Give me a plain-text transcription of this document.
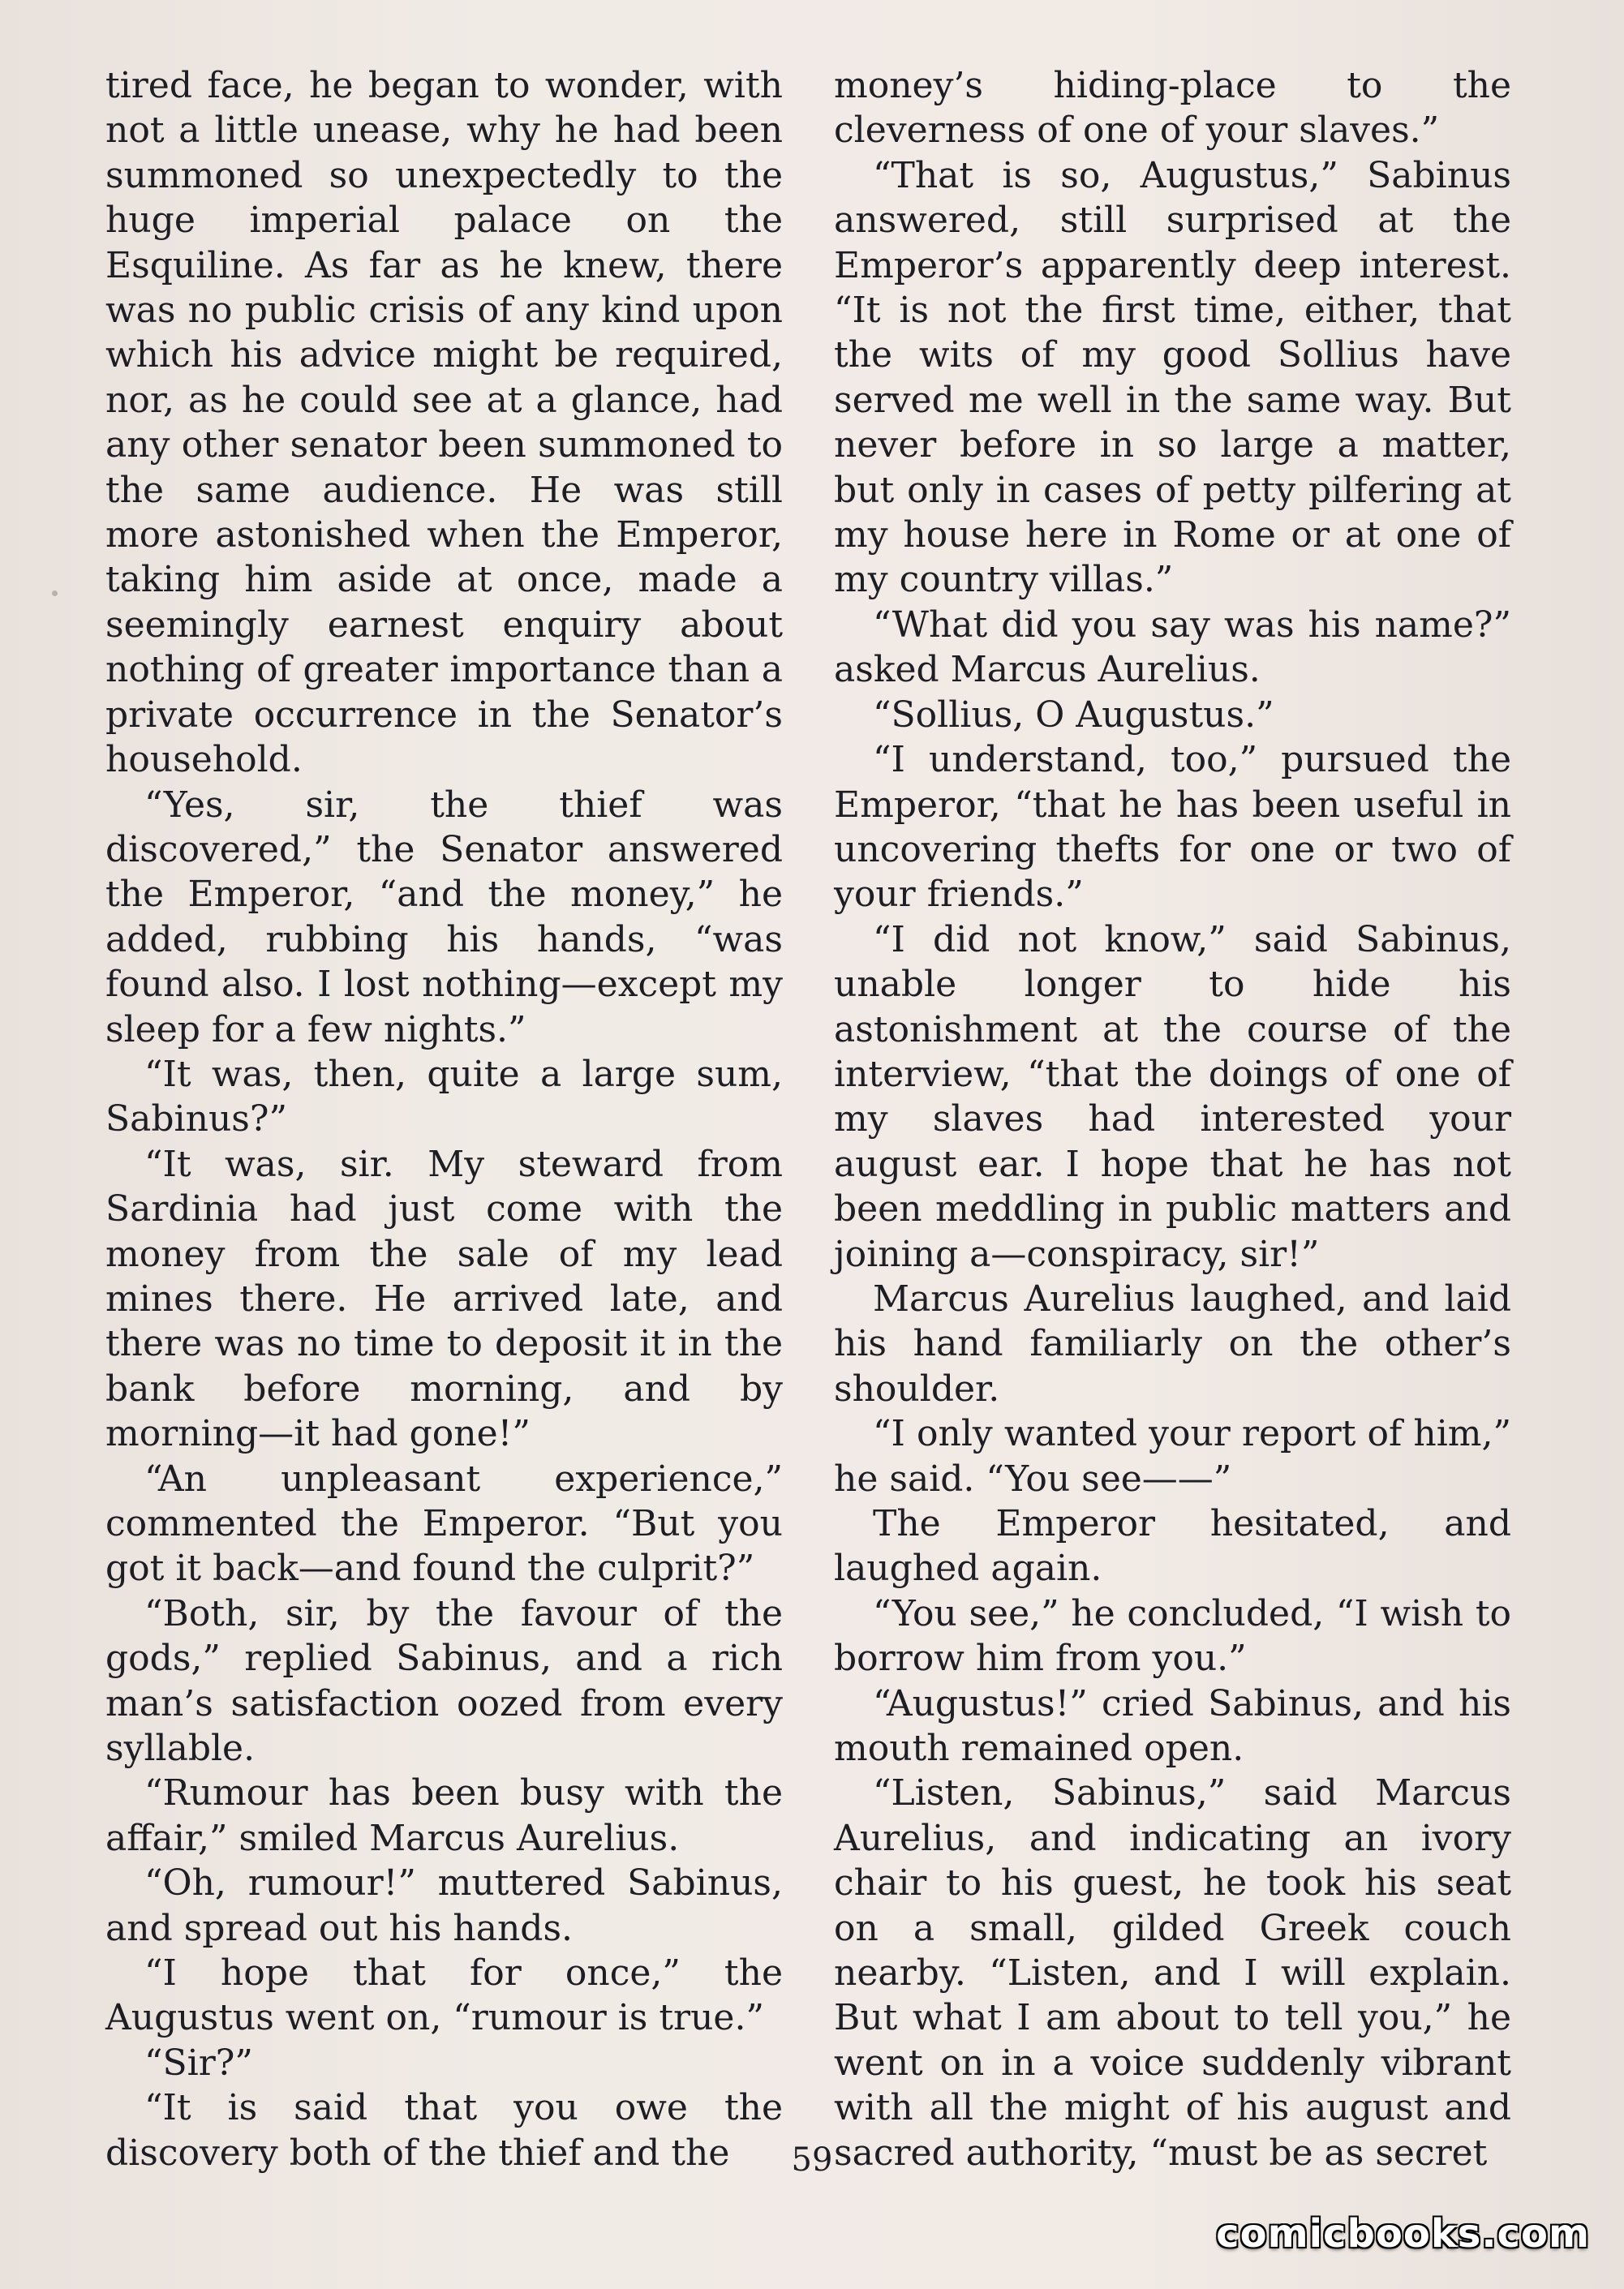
tired face, he began to wonder, with not a little unease, why he had been summoned so unexpectedly to the huge imperial palace on the Esquiline. As far as he knew, there was no public crisis of any kind upon which his advice might be required, nor, as he could see at a glance, had any other senator been summoned to the same audience. He was still more astonished when the Emperor, taking him aside at once, made a seemingly earnest enquiry about nothing of greater importance than a private occurrence in the Senator’s household.

“Yes, sir, the thief was discovered,” the Senator answered the Emperor, “and the money,” he added, rubbing his hands, “was found also. I lost nothing—except my sleep for a few nights.”

“It was, then, quite a large sum, Sabinus?”

“It was, sir. My steward from Sardinia had just come with the money from the sale of my lead mines there. He arrived late, and there was no time to deposit it in the bank before morning, and by morning—it had gone!”

“An unpleasant experience,” commented the Emperor. “But you got it back—and found the culprit?”

“Both, sir, by the favour of the gods,” replied Sabinus, and a rich man’s satisfaction oozed from every syllable.

“Rumour has been busy with the affair,” smiled Marcus Aurelius.

“Oh, rumour!” muttered Sabinus, and spread out his hands.

“I hope that for once,” the Augustus went on, “rumour is true.”

“Sir?”

“It is said that you owe the discovery both of the thief and the

money’s hiding-place to the cleverness of one of your slaves.”

“That is so, Augustus,” Sabinus answered, still surprised at the Emperor’s apparently deep interest. “It is not the first time, either, that the wits of my good Sollius have served me well in the same way. But never before in so large a matter, but only in cases of petty pilfering at my house here in Rome or at one of my country villas.”

“What did you say was his name?” asked Marcus Aurelius.

“Sollius, O Augustus.”

“I understand, too,” pursued the Emperor, “that he has been useful in uncovering thefts for one or two of your friends.”

“I did not know,” said Sabinus, unable longer to hide his astonishment at the course of the interview, “that the doings of one of my slaves had interested your august ear. I hope that he has not been meddling in public matters and joining a—conspiracy, sir!”

Marcus Aurelius laughed, and laid his hand familiarly on the other’s shoulder.

“I only wanted your report of him,” he said. “You see——”

The Emperor hesitated, and laughed again.

“You see,” he concluded, “I wish to borrow him from you.”

“Augustus!” cried Sabinus, and his mouth remained open.

“Listen, Sabinus,” said Marcus Aurelius, and indicating an ivory chair to his guest, he took his seat on a small, gilded Greek couch nearby. “Listen, and I will explain. But what I am about to tell you,” he went on in a voice suddenly vibrant with all the might of his august and sacred authority, “must be as secret

59
comicbooks.com
